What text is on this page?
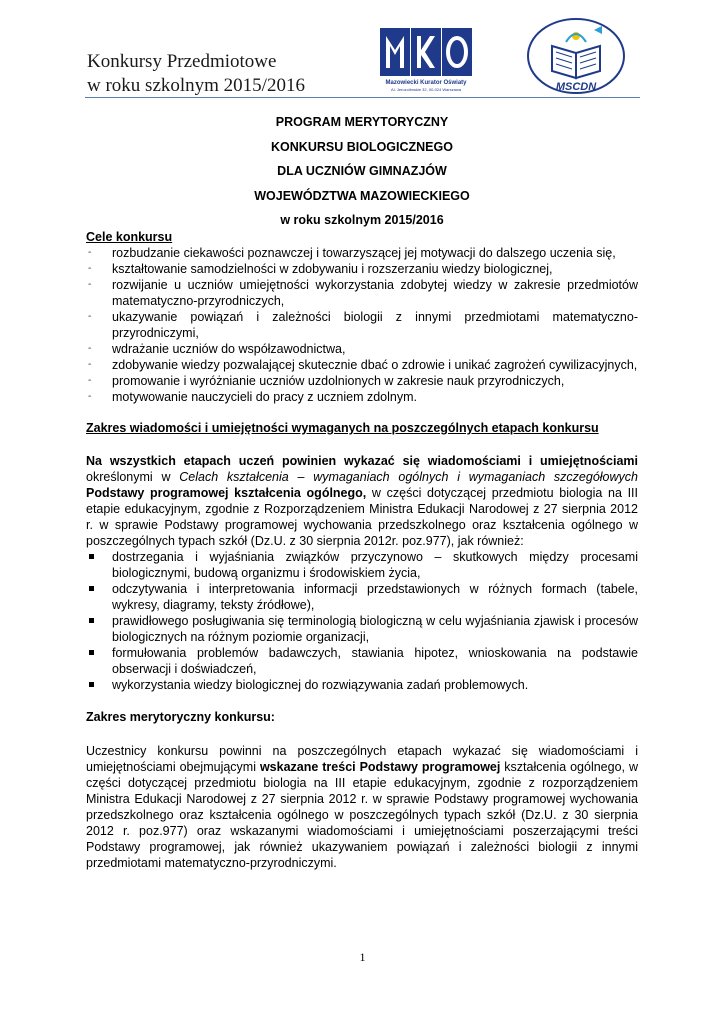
Konkursy Przedmiotowe
w roku szkolnym 2015/2016	Mazowiecki Kurator Oświaty
Al. Jerozolimskie 32, 00-024 Warszawa	MSCDN
PROGRAM MERYTORYCZNY
KONKURSU BIOLOGICZNEGO
DLA UCZNIÓW GIMNAZJÓW
WOJEWÓDZTWA MAZOWIECKIEGO
w roku szkolnym 2015/2016
Cele konkursu
‐ rozbudzanie ciekawości poznawczej i towarzyszącej jej motywacji do dalszego uczenia się,
‐ kształtowanie samodzielności w zdobywaniu i rozszerzaniu wiedzy biologicznej,
‐ rozwijanie u uczniów umiejętności wykorzystania zdobytej wiedzy w zakresie przedmiotów matematyczno-przyrodniczych,
‐ ukazywanie powiązań i zależności biologii z innymi przedmiotami matematyczno-przyrodniczymi,
‐ wdrażanie uczniów do współzawodnictwa,
‐ zdobywanie wiedzy pozwalającej skutecznie dbać o zdrowie i unikać zagrożeń cywilizacyjnych,
‐ promowanie i wyróżnianie uczniów uzdolnionych w zakresie nauk przyrodniczych,
‐ motywowanie nauczycieli do pracy z uczniem zdolnym.
Zakres wiadomości i umiejętności wymaganych na poszczególnych etapach konkursu
Na wszystkich etapach uczeń powinien wykazać się wiadomościami i umiejętnościami określonymi w Celach kształcenia – wymaganiach ogólnych i wymaganiach szczegółowych Podstawy programowej kształcenia ogólnego, w części dotyczącej przedmiotu biologia na III etapie edukacyjnym, zgodnie z Rozporządzeniem Ministra Edukacji Narodowej z 27 sierpnia 2012 r. w sprawie Podstawy programowej wychowania przedszkolnego oraz kształcenia ogólnego w poszczególnych typach szkół (Dz.U. z 30 sierpnia 2012r. poz.977), jak również:
dostrzegania i wyjaśniania związków przyczynowo – skutkowych między procesami biologicznymi, budową organizmu i środowiskiem życia,
odczytywania i interpretowania informacji przedstawionych w różnych formach (tabele, wykresy, diagramy, teksty źródłowe),
prawidłowego posługiwania się terminologią biologiczną w celu wyjaśniania zjawisk i procesów biologicznych na różnym poziomie organizacji,
formułowania problemów badawczych, stawiania hipotez, wnioskowania na podstawie obserwacji i doświadczeń,
wykorzystania wiedzy biologicznej do rozwiązywania zadań problemowych.
Zakres merytoryczny konkursu:
Uczestnicy konkursu powinni na poszczególnych etapach wykazać się wiadomościami i umiejętnościami obejmującymi wskazane treści Podstawy programowej kształcenia ogólnego, w części dotyczącej przedmiotu biologia na III etapie edukacyjnym, zgodnie z rozporządzeniem Ministra Edukacji Narodowej z 27 sierpnia 2012 r. w sprawie Podstawy programowej wychowania przedszkolnego oraz kształcenia ogólnego w poszczególnych typach szkół (Dz.U. z 30 sierpnia 2012 r. poz.977) oraz wskazanymi wiadomościami i umiejętnościami poszerzającymi treści Podstawy programowej, jak również ukazywaniem powiązań i zależności biologii z innymi przedmiotami matematyczno-przyrodniczymi.
1
